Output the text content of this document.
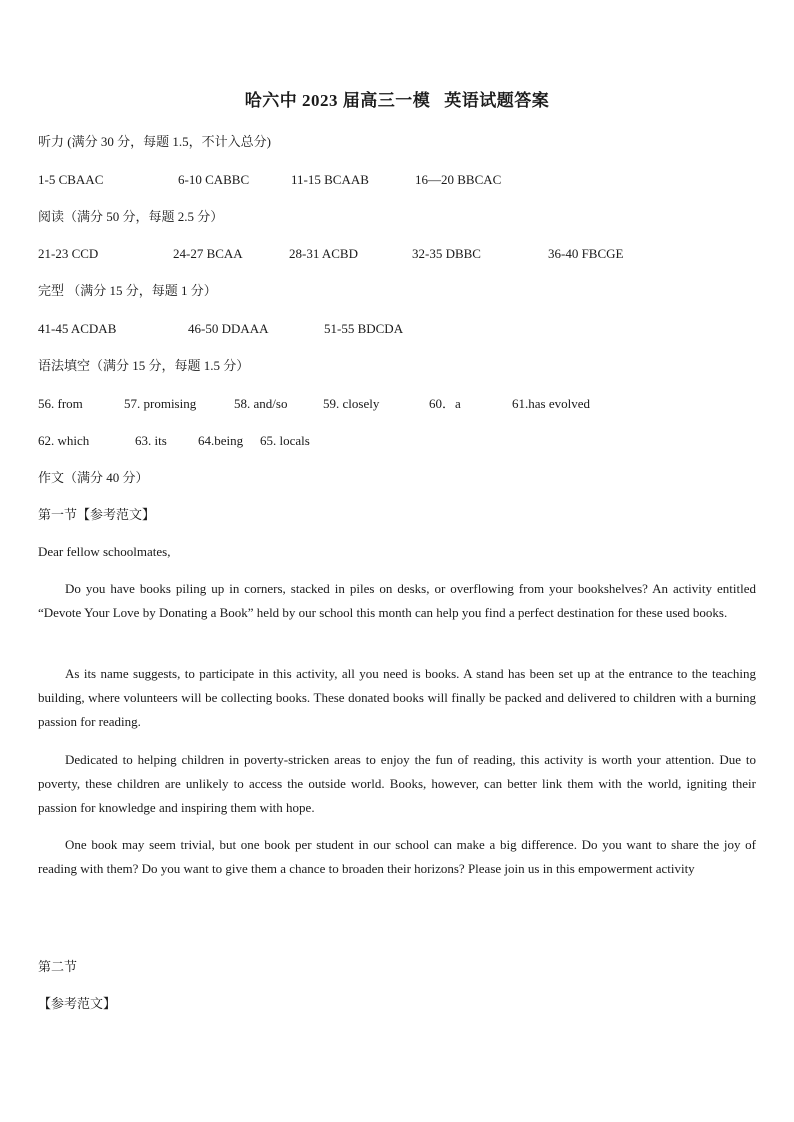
哈六中 2023 届高三一模 英语试题答案
听力 (满分 30 分，每题 1.5，不计入总分)
1-5 CBAAC	6-10 CABBC	11-15 BCAAB	16—20 BBCAC
阅读（满分 50 分，每题 2.5 分）
21-23 CCD	24-27 BCAA	28-31 ACBD	32-35 DBBC	36-40 FBCGE
完型 （满分 15 分，每题 1 分）
41-45 ACDAB	46-50 DDAAA	51-55 BDCDA
语法填空（满分 15 分，每题 1.5 分）
56. from	57. promising	58. and/so	59. closely	60．a	61.has evolved
62. which	63. its 64.being 65. locals
作文（满分 40 分）
第一节【参考范文】
Dear fellow schoolmates,
Do you have books piling up in corners, stacked in piles on desks, or overflowing from your bookshelves? An activity entitled “Devote Your Love by Donating a Book” held by our school this month can help you find a perfect destination for these used books.
As its name suggests, to participate in this activity, all you need is books. A stand has been set up at the entrance to the teaching building, where volunteers will be collecting books. These donated books will finally be packed and delivered to children with a burning passion for reading.
Dedicated to helping children in poverty-stricken areas to enjoy the fun of reading, this activity is worth your attention. Due to poverty, these children are unlikely to access the outside world. Books, however, can better link them with the world, igniting their passion for knowledge and inspiring them with hope.
One book may seem trivial, but one book per student in our school can make a big difference. Do you want to share the joy of reading with them? Do you want to give them a chance to broaden their horizons? Please join us in this empowerment activity
第二节
【参考范文】
